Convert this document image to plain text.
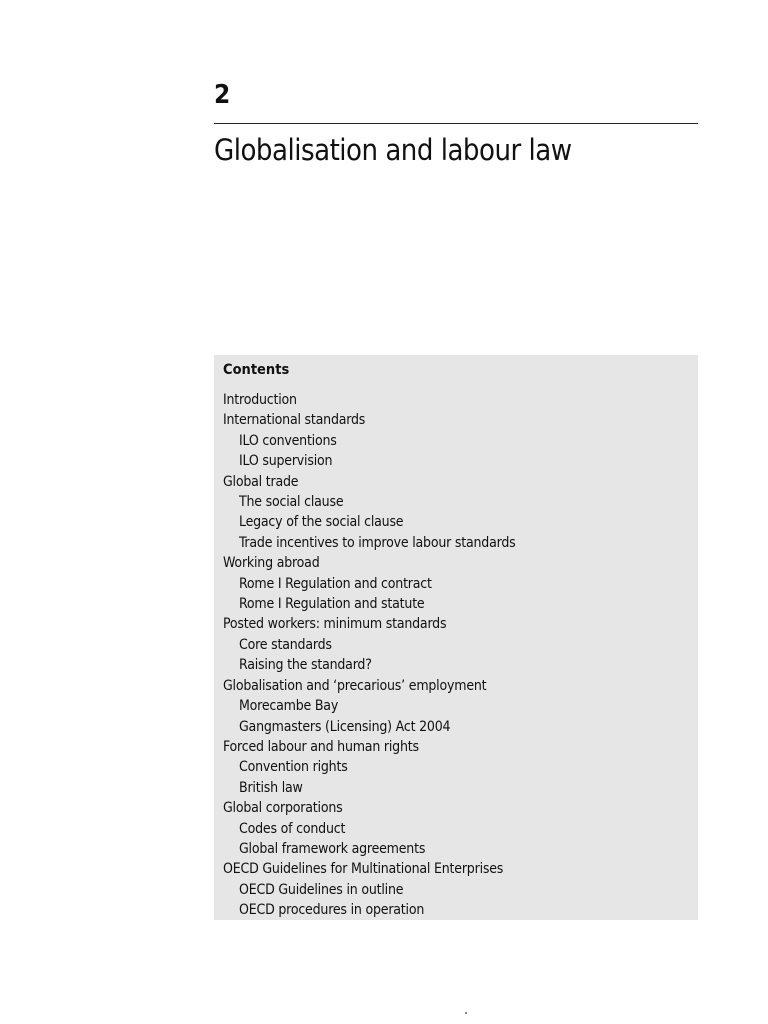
2
Globalisation and labour law
Contents
Introduction
International standards
ILO conventions
ILO supervision
Global trade
The social clause
Legacy of the social clause
Trade incentives to improve labour standards
Working abroad
Rome I Regulation and contract
Rome I Regulation and statute
Posted workers: minimum standards
Core standards
Raising the standard?
Globalisation and ‘precarious’ employment
Morecambe Bay
Gangmasters (Licensing) Act 2004
Forced labour and human rights
Convention rights
British law
Global corporations
Codes of conduct
Global framework agreements
OECD Guidelines for Multinational Enterprises
OECD Guidelines in outline
OECD procedures in operation
